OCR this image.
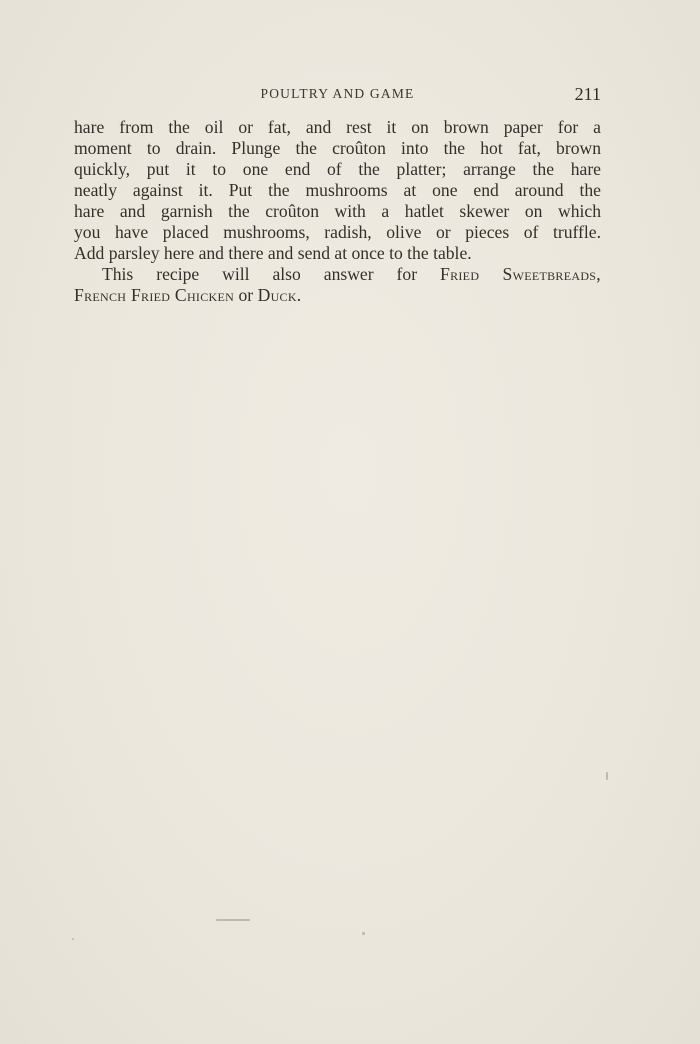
POULTRY AND GAME	211

hare from the oil or fat, and rest it on brown paper for a
moment to drain. Plunge the croûton into the hot fat, brown
quickly, put it to one end of the platter; arrange the hare
neatly against it. Put the mushrooms at one end around the
hare and garnish the croûton with a hatlet skewer on which
you have placed mushrooms, radish, olive or pieces of truffle.
Add parsley here and there and send at once to the table.

This recipe will also answer for Fried Sweetbreads,
French Fried Chicken or Duck.
